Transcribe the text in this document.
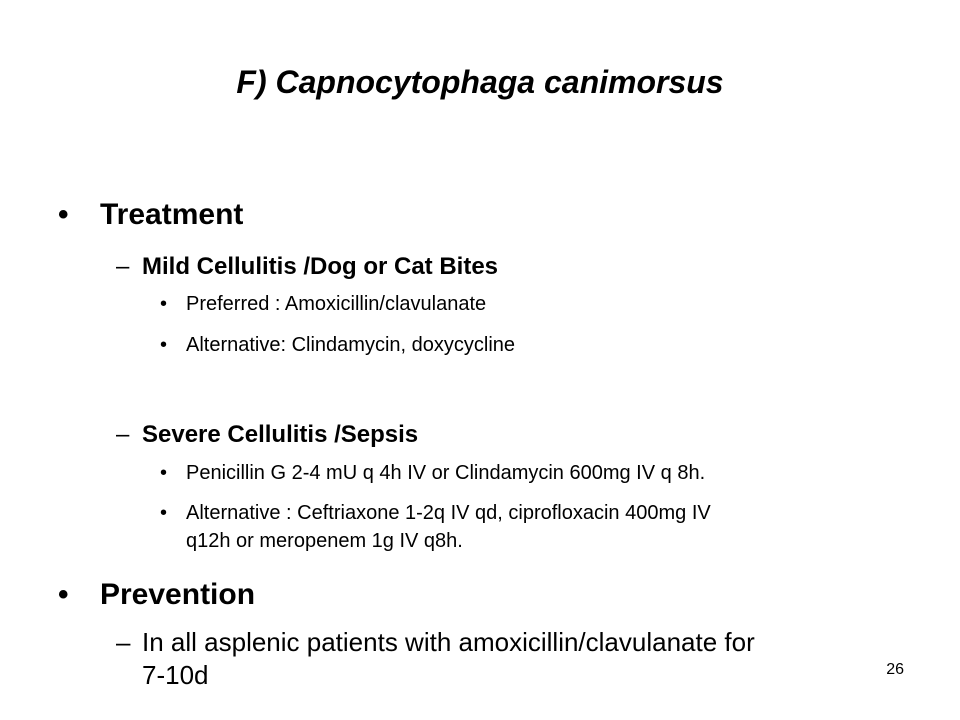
F) Capnocytophaga canimorsus
• Treatment
– Mild Cellulitis /Dog or Cat Bites
• Preferred : Amoxicillin/clavulanate
• Alternative: Clindamycin, doxycycline
– Severe Cellulitis /Sepsis
• Penicillin G 2-4 mU q 4h IV or Clindamycin 600mg IV q 8h.
• Alternative : Ceftriaxone 1-2q IV qd, ciprofloxacin 400mg IV
q12h or meropenem 1g IV q8h.
• Prevention
– In all asplenic patients with amoxicillin/clavulanate for
7-10d	26
